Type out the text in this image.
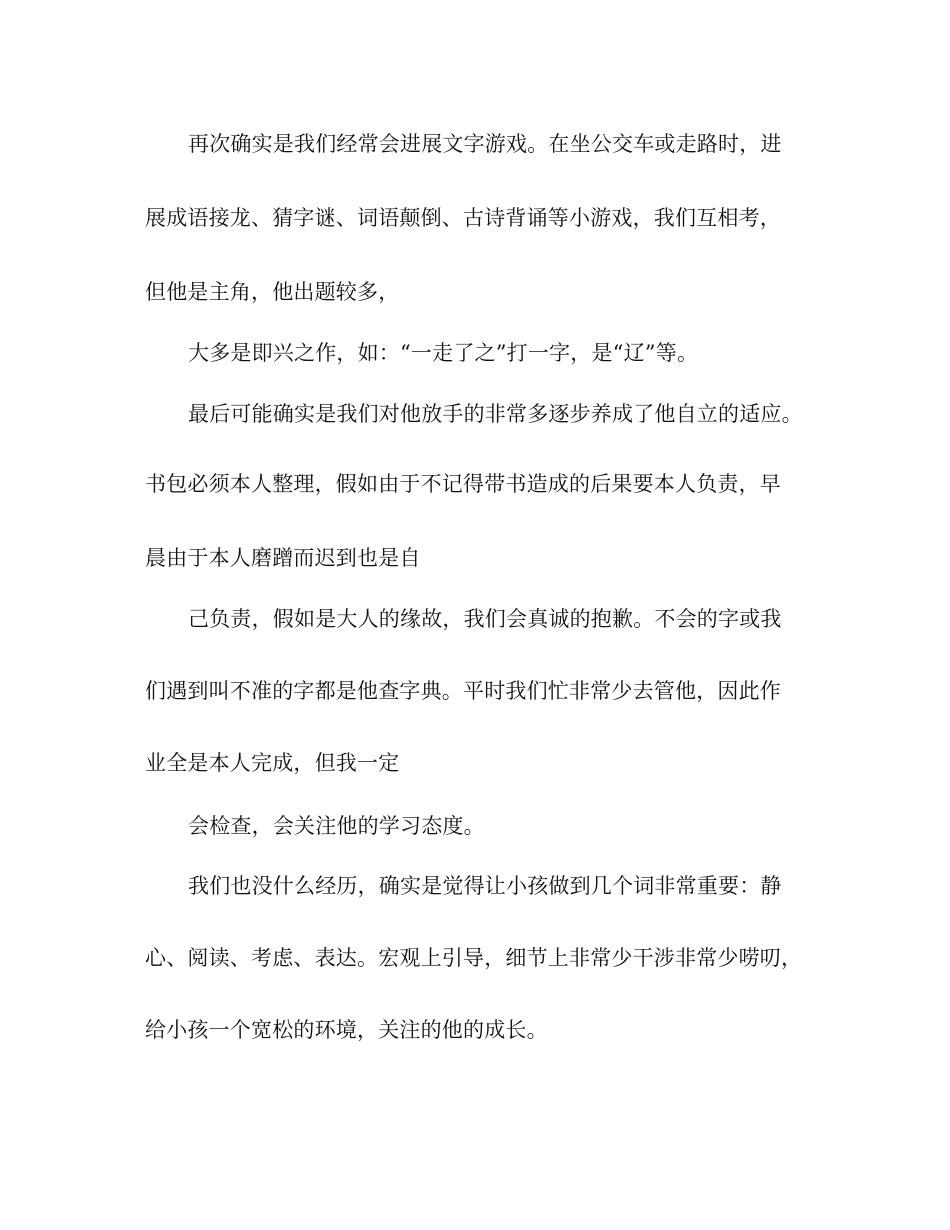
再次确实是我们经常会进展文字游戏。在坐公交车或走路时，进
展成语接龙、猜字谜、词语颠倒、古诗背诵等小游戏，我们互相考，
但他是主角，他出题较多，
大多是即兴之作，如：“一走了之”打一字，是“辽”等。
最后可能确实是我们对他放手的非常多逐步养成了他自立的适应。
书包必须本人整理，假如由于不记得带书造成的后果要本人负责，早
晨由于本人磨蹭而迟到也是自
己负责，假如是大人的缘故，我们会真诚的抱歉。不会的字或我
们遇到叫不准的字都是他查字典。平时我们忙非常少去管他，因此作
业全是本人完成，但我一定
会检查，会关注他的学习态度。
我们也没什么经历，确实是觉得让小孩做到几个词非常重要：静
心、阅读、考虑、表达。宏观上引导，细节上非常少干涉非常少唠叨，
给小孩一个宽松的环境，关注的他的成长。
